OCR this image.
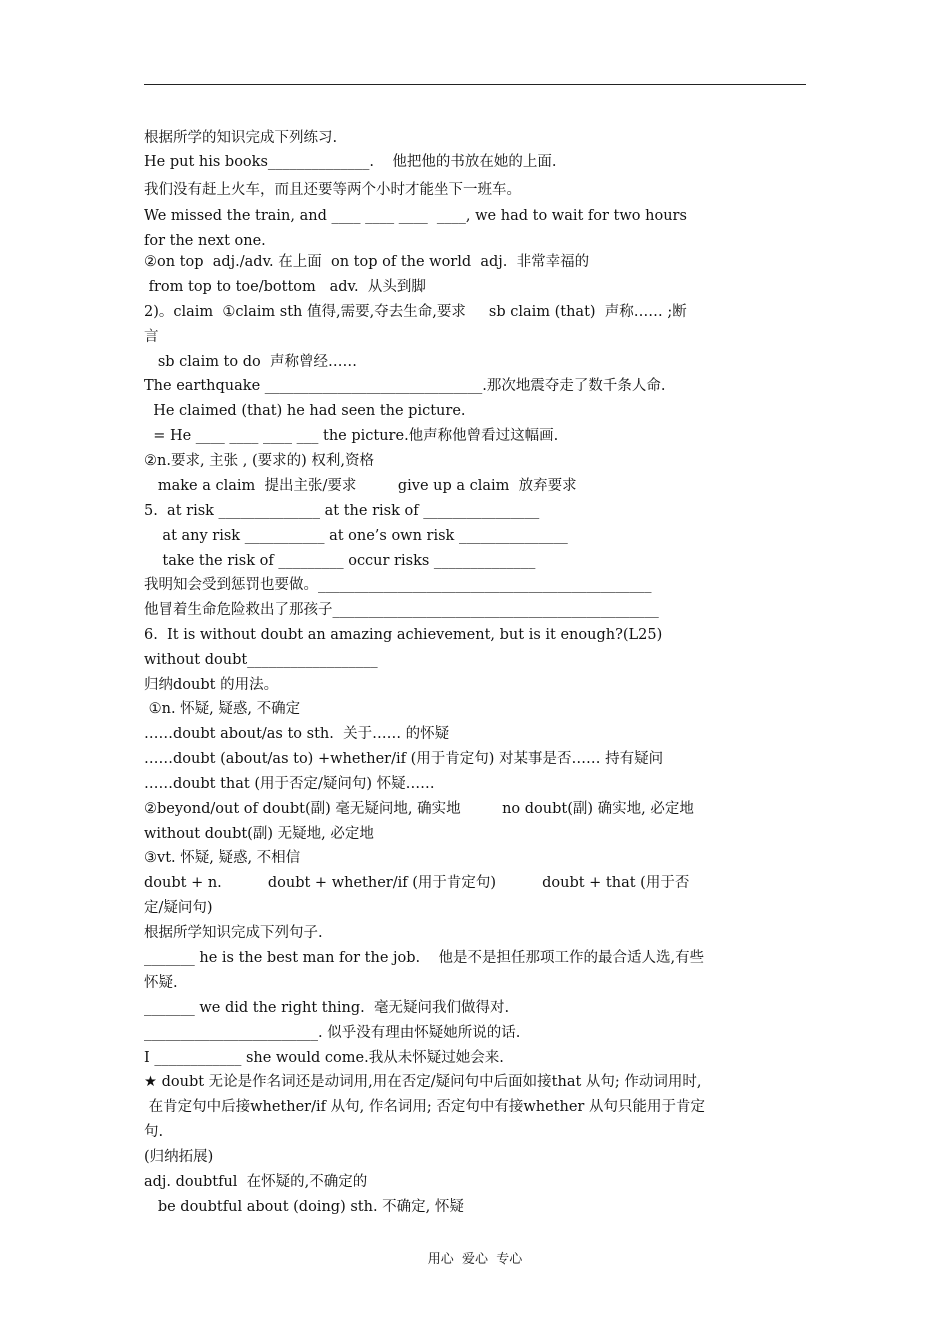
根据所学的知识完成下列练习.
He put his books______________.    他把他的书放在她的上面.
我们没有赶上火车，而且还要等两个小时才能坐下一班车。
We missed the train, and ____ ____ ____  ____, we had to wait for two hours
for the next one.
②on top  adj./adv. 在上面  on top of the world  adj.  非常幸福的
from top to toe/bottom   adv.  从头到脚
2)。claim  ①claim sth 值得,需要,夺去生命,要求     sb claim (that)  声称…… ;断
言
sb claim to do  声称曾经……
The earthquake ______________________________.那次地震夺走了数千条人命.
He claimed (that) he had seen the picture.
= He ____ ____ ____ ___ the picture.他声称他曾看过这幅画.
②n.要求, 主张 , (要求的) 权利,资格
make a claim  提出主张/要求         give up a claim  放弃要求
5.  at risk ______________ at the risk of ________________
at any risk ___________ at one’s own risk _______________
take the risk of _________ occur risks ______________
我明知会受到惩罚也要做。______________________________________________
他冒着生命危险救出了那孩子_____________________________________________
6.  It is without doubt an amazing achievement, but is it enough?(L25)
without doubt__________________
归纳doubt 的用法。
①n. 怀疑, 疑惑, 不确定
……doubt about/as to sth.  关于…… 的怀疑
……doubt (about/as to) +whether/if (用于肯定句) 对某事是否…… 持有疑问
……doubt that (用于否定/疑问句) 怀疑……
②beyond/out of doubt(副) 毫无疑问地, 确实地         no doubt(副) 确实地, 必定地
without doubt(副) 无疑地, 必定地
③vt. 怀疑, 疑惑, 不相信
doubt + n.          doubt + whether/if (用于肯定句)          doubt + that (用于否
定/疑问句)
根据所学知识完成下列句子.
_______ he is the best man for the job.    他是不是担任那项工作的最合适人选,有些
怀疑.
_______ we did the right thing.  毫无疑问我们做得对.
________________________. 似乎没有理由怀疑她所说的话.
I ____________ she would come.我从未怀疑过她会来.
★ doubt 无论是作名词还是动词用,用在否定/疑问句中后面如接that 从句; 作动词用时,
在肯定句中后接whether/if 从句, 作名词用; 否定句中有接whether 从句只能用于肯定
句.
(归纳拓展)
adj. doubtful  在怀疑的,不确定的
be doubtful about (doing) sth. 不确定, 怀疑
用心  爱心  专心
